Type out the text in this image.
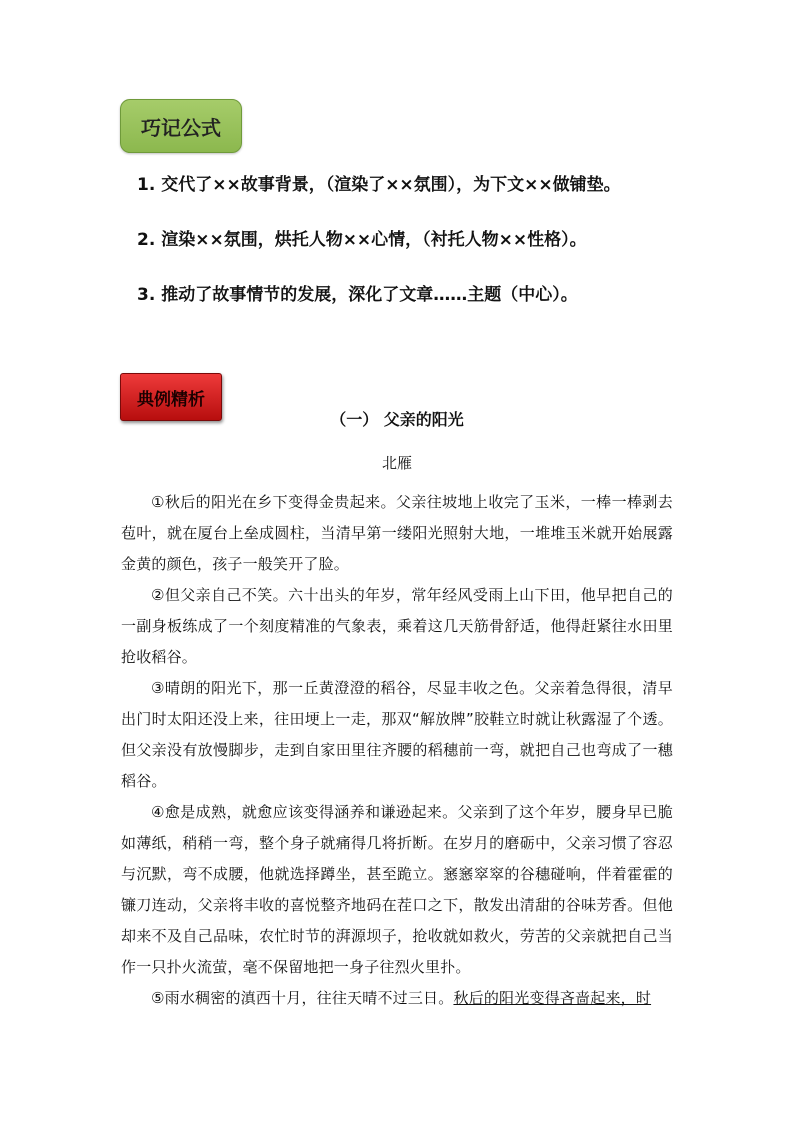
巧记公式
1. 交代了××故事背景，（渲染了××氛围），为下文××做铺垫。
2. 渲染××氛围，烘托人物××心情，（衬托人物××性格）。
3. 推动了故事情节的发展，深化了文章……主题（中心）。
典例精析
（一） 父亲的阳光
北雁

①秋后的阳光在乡下变得金贵起来。父亲往坡地上收完了玉米，一棒一棒剥去苞叶，就在厦台上垒成圆柱，当清早第一缕阳光照射大地，一堆堆玉米就开始展露金黄的颜色，孩子一般笑开了脸。

②但父亲自己不笑。六十出头的年岁，常年经风受雨上山下田，他早把自己的一副身板练成了一个刻度精准的气象表，乘着这几天筋骨舒适，他得赶紧往水田里抢收稻谷。

③晴朗的阳光下，那一丘黄澄澄的稻谷，尽显丰收之色。父亲着急得很，清早出门时太阳还没上来，往田埂上一走，那双“解放牌”胶鞋立时就让秋露湿了个透。但父亲没有放慢脚步，走到自家田里往齐腰的稻穗前一弯，就把自己也弯成了一穗稻谷。

④愈是成熟，就愈应该变得涵养和谦逊起来。父亲到了这个年岁，腰身早已脆如薄纸，稍稍一弯，整个身子就痛得几将折断。在岁月的磨砺中，父亲习惯了容忍与沉默，弯不成腰，他就选择蹲坐，甚至跪立。窸窸窣窣的谷穗碰响，伴着霍霍的镰刀连动，父亲将丰收的喜悦整齐地码在茬口之下，散发出清甜的谷味芳香。但他却来不及自己品味，农忙时节的湃源坝子，抢收就如救火，劳苦的父亲就把自己当作一只扑火流萤，毫不保留地把一身子往烈火里扑。

⑤雨水稠密的滇西十月，往往天晴不过三日。秋后的阳光变得吝啬起来，时
